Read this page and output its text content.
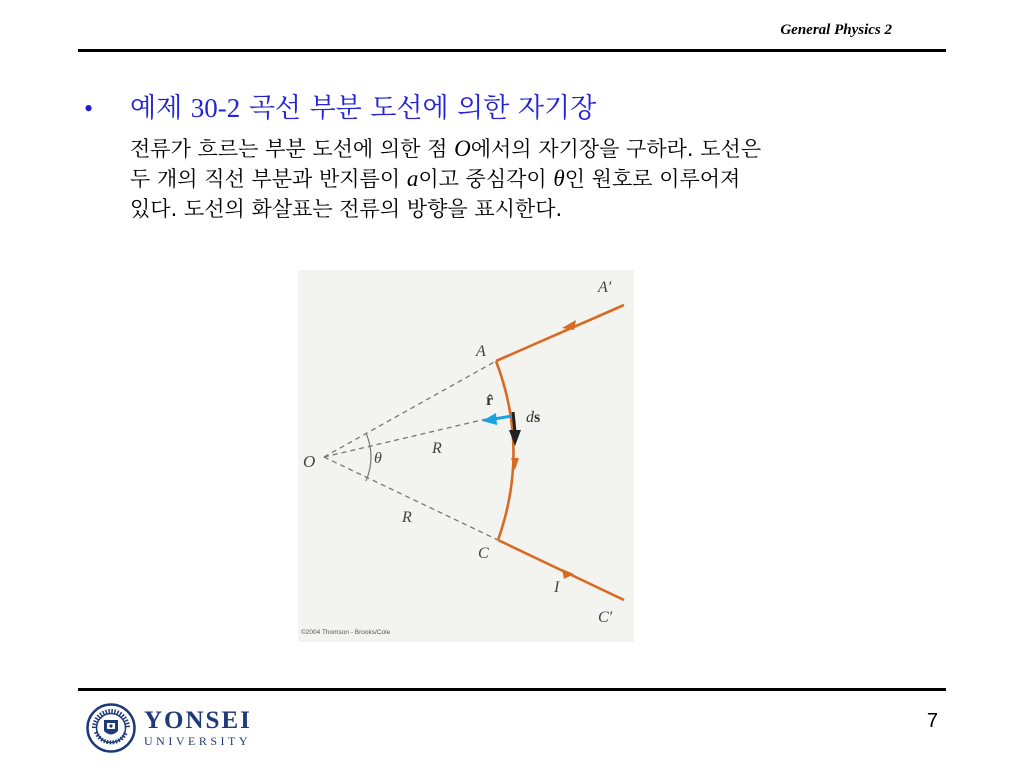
General Physics 2
•	예제 30-2 곡선 부분 도선에 의한 자기장
전류가 흐르는 부분 도선에 의한 점 O에서의 자기장을 구하라. 도선은
두 개의 직선 부분과 반지름이 a이고 중심각이 θ인 원호로 이루어져
있다. 도선의 화살표는 전류의 방향을 표시한다.
A′
A
r̂
ds
R
O	θ
R
C
I
C′
©2004 Thomson - Brooks/Cole
YONSEI
UNIVERSITY
7
